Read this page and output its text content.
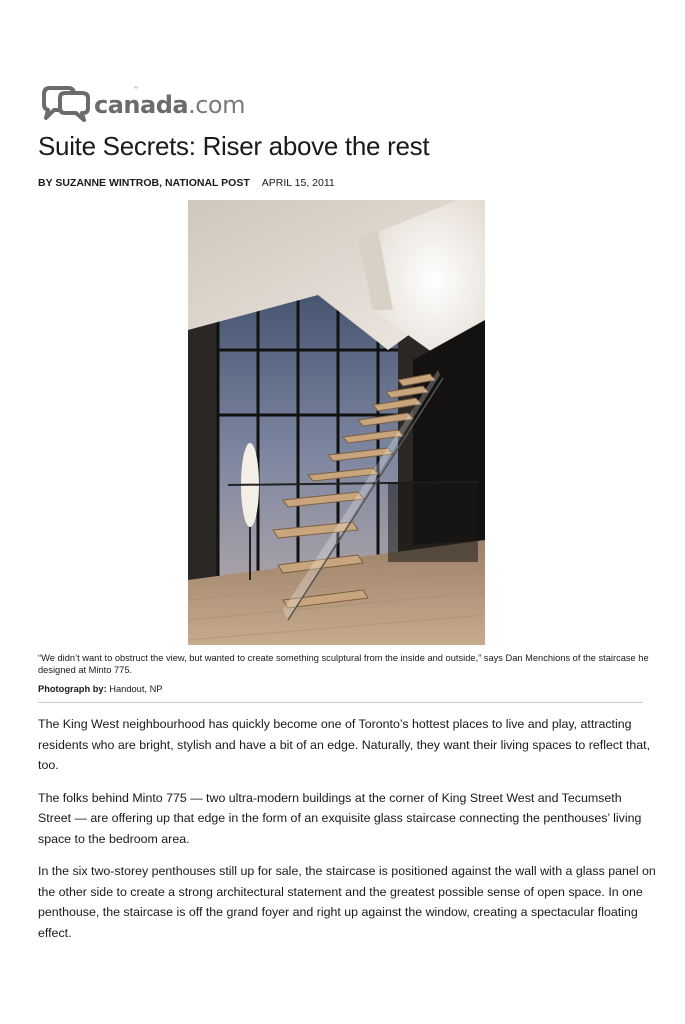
canada.com
™
Suite Secrets: Riser above the rest
BY SUZANNE WINTROB, NATIONAL POST APRIL 15, 2011
“We didn’t want to obstruct the view, but wanted to create something sculptural from the inside and outside,” says Dan Menchions of the staircase he designed at Minto 775.
Photograph by: Handout, NP

The King West neighbourhood has quickly become one of Toronto’s hottest places to live and play, attracting residents who are bright, stylish and have a bit of an edge. Naturally, they want their living spaces to reflect that, too.

The folks behind Minto 775 — two ultra-modern buildings at the corner of King Street West and Tecumseth Street — are offering up that edge in the form of an exquisite glass staircase connecting the penthouses’ living space to the bedroom area.

In the six two-storey penthouses still up for sale, the staircase is positioned against the wall with a glass panel on the other side to create a strong architectural statement and the greatest possible sense of open space. In one penthouse, the staircase is off the grand foyer and right up against the window, creating a spectacular floating effect.
